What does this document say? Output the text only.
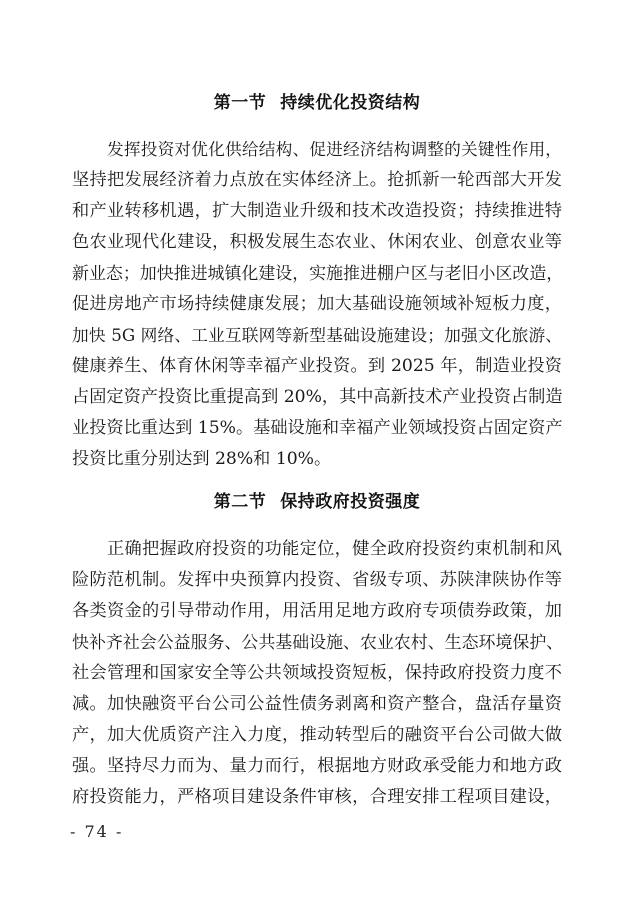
第一节 持续优化投资结构
发挥投资对优化供给结构、促进经济结构调整的关键性作用，
坚持把发展经济着力点放在实体经济上。抢抓新一轮西部大开发
和产业转移机遇，扩大制造业升级和技术改造投资；持续推进特
色农业现代化建设，积极发展生态农业、休闲农业、创意农业等
新业态；加快推进城镇化建设，实施推进棚户区与老旧小区改造，
促进房地产市场持续健康发展；加大基础设施领域补短板力度，
加快 5G 网络、工业互联网等新型基础设施建设；加强文化旅游、
健康养生、体育休闲等幸福产业投资。到 2025 年，制造业投资
占固定资产投资比重提高到 20%，其中高新技术产业投资占制造
业投资比重达到 15%。基础设施和幸福产业领域投资占固定资产
投资比重分别达到 28%和 10%。
第二节 保持政府投资强度
正确把握政府投资的功能定位，健全政府投资约束机制和风
险防范机制。发挥中央预算内投资、省级专项、苏陕津陕协作等
各类资金的引导带动作用，用活用足地方政府专项债券政策，加
快补齐社会公益服务、公共基础设施、农业农村、生态环境保护、
社会管理和国家安全等公共领域投资短板，保持政府投资力度不
减。加快融资平台公司公益性债务剥离和资产整合，盘活存量资
产，加大优质资产注入力度，推动转型后的融资平台公司做大做
强。坚持尽力而为、量力而行，根据地方财政承受能力和地方政
府投资能力，严格项目建设条件审核，合理安排工程项目建设，
- 74 -
